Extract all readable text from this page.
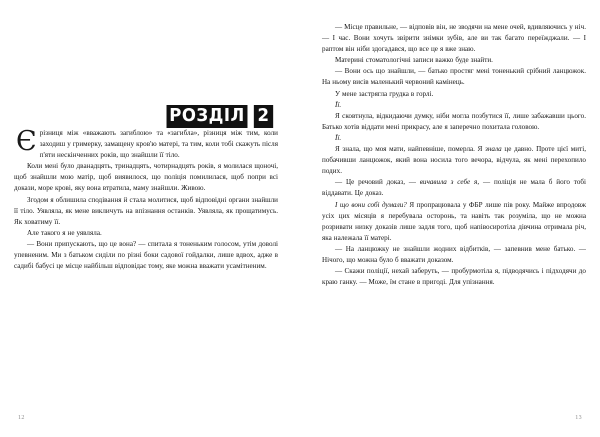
РОЗДІЛ 2

Єрізниця між «вважають загиблою» та «загибла», різниця між тим, коли заходиш у гримерку, замащену кров'ю матері, та тим, коли тобі скажуть після п'яти нескінченних років, що знайшли її тіло.

Коли мені було дванадцять, тринадцять, чотирнадцять років, я молилася щоночі, щоб знайшли мою матір, щоб виявилося, що поліція помилилася, щоб попри всі докази, море крові, яку вона втратила, маму знайшли. Живою.

Згодом я облишила сподівання й стала молитися, щоб відповідні органи знайшли її тіло. Уявляла, як мене викличуть на впізнання останків. Уявляла, як прощатимусь. Як ховатиму її.

Але такого я не уявляла.

— Вони припускають, що це вона? — спитала я тоненьким голосом, утім доволі упевненим. Ми з батьком сиділи по різні боки садової гойдалки, лише вдвох, адже в садибі бабусі це місце найбільш відповідає тому, яке можна вважати усамітненим.

12

— Місце правильне, — відповів він, не зводячи на мене очей, вдивляючись у ніч. — І час. Вони хочуть звірити знімки зубів, але ви так багато переїжджали. — І раптом він ніби здогадався, що все це я вже знаю.

Материні стоматологічні записи важко буде знайти.

— Вони ось що знайшли, — батько простяг мені тоненький срібний ланцюжок. На ньому висів маленький червоний камінець.

У мене застрягла грудка в горлі.

Її.

Я сковтнула, відкидаючи думку, ніби могла позбутися її, лише забажавши цього. Батько хотів віддати мені прикрасу, але я заперечно похитала головою.

Її.

Я знала, що моя мати, найпевніше, померла. Я знала це давно. Проте цієї миті, побачивши ланцюжок, який вона носила того вечора, відчула, як мені перехопило подих.

— Це речовий доказ, — вичавила з себе я, — поліція не мала б його тобі віддавати. Це доказ.

І що вони собі думали? Я пропрацювала у ФБР лише пів року. Майже впродовж усіх цих місяців я перебувала осторонь, та навіть так розуміла, що не можна розривати низку доказів лише задля того, щоб напівосиротіла дівчина отримала річ, яка належала її матері.

— На ланцюжку не знайшли жодних відбитків, — запевнив мене батько. — Нічого, що можна було б вважати доказом.

— Скажи поліції, нехай заберуть, — пробурмотіла я, підводячись і підходячи до краю ганку. — Може, їм стане в пригоді. Для упізнання.

13
